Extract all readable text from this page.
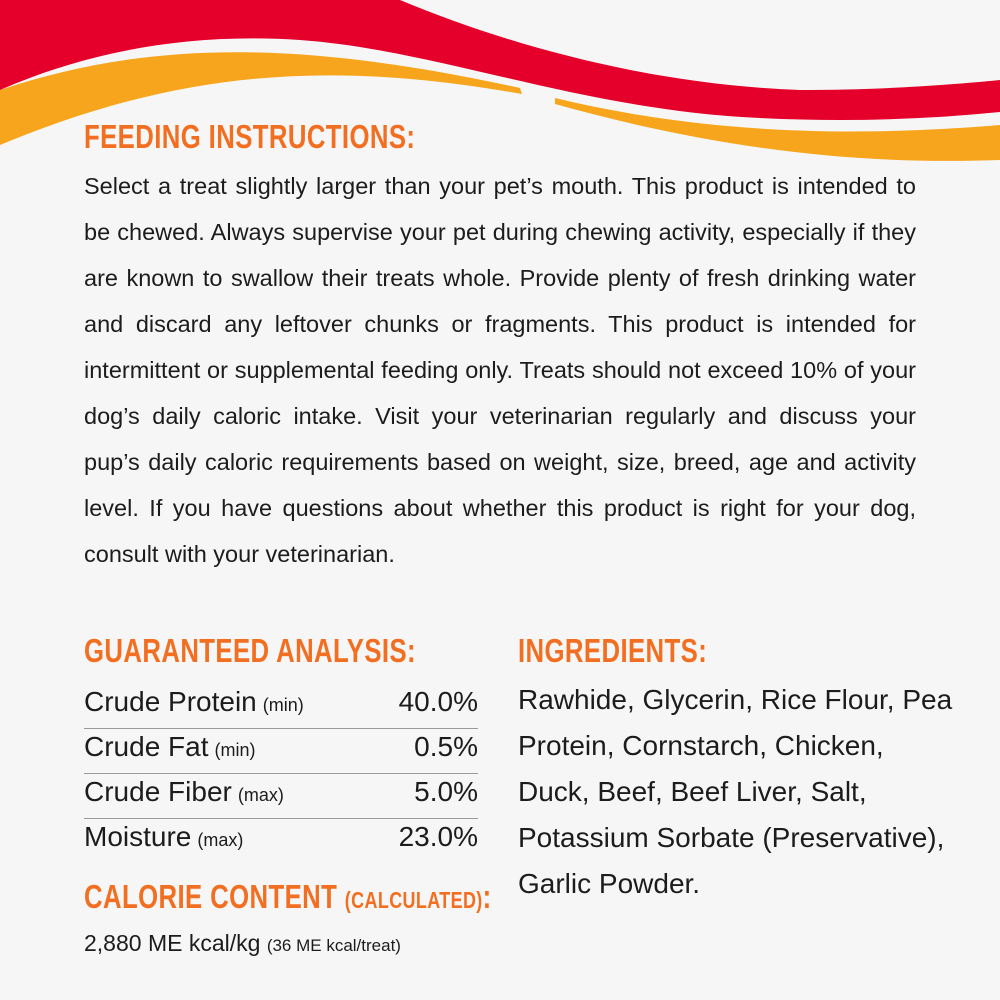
FEEDING INSTRUCTIONS:

Select a treat slightly larger than your pet’s mouth. This product is intended to be chewed. Always supervise your pet during chewing activity, especially if they are known to swallow their treats whole. Provide plenty of fresh drinking water and discard any leftover chunks or fragments. This product is intended for intermittent or supplemental feeding only. Treats should not exceed 10% of your dog’s daily caloric intake. Visit your veterinarian regularly and discuss your pup’s daily caloric requirements based on weight, size, breed, age and activity level. If you have questions about whether this product is right for your dog, consult with your veterinarian.

GUARANTEED ANALYSIS:
Crude Protein (min)	40.0%
Crude Fat (min)	0.5%
Crude Fiber (max)	5.0%
Moisture (max)	23.0%
CALORIE CONTENT (CALCULATED):
2,880 ME kcal/kg (36 ME kcal/treat)
INGREDIENTS:

Rawhide, Glycerin, Rice Flour, Pea Protein, Cornstarch, Chicken, Duck, Beef, Beef Liver, Salt, Potassium Sorbate (Preservative), Garlic Powder.
